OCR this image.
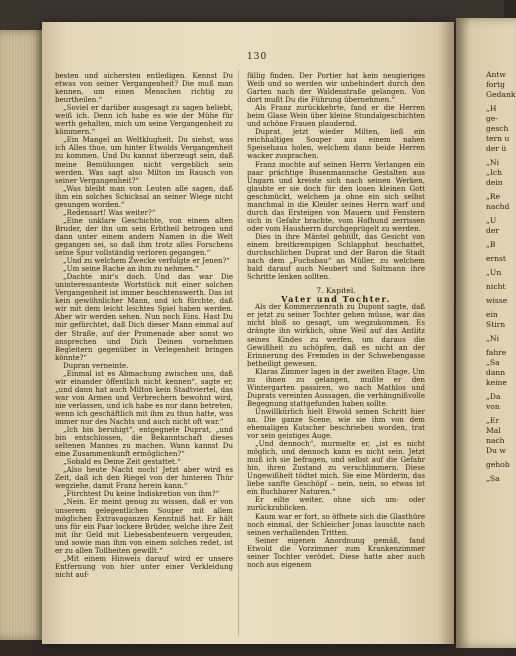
130

besten und sichersten entledigen. Kennst Du etwas von seiner Vergangenheit? Die muß man kennen, um einen Menschen richtig zu beurtheilen.“

„Soviel er darüber ausgesagt zu sagen beliebt, weiß ich. Denn ich habe es wie der Mühe für werth gehalten, mich um seine Vergangenheit zu kümmern.“

„Ein Mangel an Weltklugheit. Du siehst, was ich Alles thue, um hinter Etwolds Vergangenheit zu kommen. Und Du kannst überzeugt sein, daß meine Bemühungen nicht vergeblich sein werden. Was sagt also Milton im Rausch von seiner Vergangenheit?“

„Was bleibt man von Leuten alle sagen, daß ihm ein solches Schicksal an seiner Wiege nicht gesungen worden.“

„Redensart! Was weiter?“

„Eine unklare Geschichte, von einem alten Bruder, der ihn um sein Erbtheil betrogen und dann unter einem andern Namen in die Welt gegangen sei, so daß ihm trotz alles Forschens seine Spur vollständig verloren gegangen.“

„Und zu welchem Zwecke verfolgte er Jenen?“

„Um seine Rache an ihm zu nehmen.“

„Dachte mir's doch. Und das war Die uninteressanteste Wortstück mit einer solchen Vergangenheit ist immer beachtenswerth. Das ist kein gewöhnlicher Mann, und ich fürchte, daß wir mit dem leicht leichtes Spiel haben werden. Aber wir werden sehen. Nun noch Eins. Hast Du mir gefürchtet, daß Dich dieser Mann einmal auf der Straße, auf der Promenade aber sonst wo ansprechen und Dich Deinen vornehmen Begleitern gegenüber in Verlegenheit bringen könnte?“

Dupran verneinte.

„Einmal ist es Abmachung zwischen uns, daß wir einander öffentlich nicht kennen“, sagte er, „und dann hat auch Milton kein Stadtviertel, das war von Armen und Verbrechern bewohnt wird, nie verlassen, und ich habe es nur dann betreten, wenn ich geschäftlich mit ihm zu thun hatte, was immer nur des Nachts und auch nicht oft war.“

„Ich bin beruhigt“, entgegnete Duprat, „und bin entschlossen, die Bekanntschaft dieses seltenen Mannes zu machen. Wann kannst Du eine Zusammenkunft ermöglichen?“

„Sobald es Deine Zeit gestattet.“

„Also heute Nacht noch! Jetzt aber wird es Zeit, daß ich den Riegel von der hinteren Thür wegziehe, damit Franz herein kann.“

„Fürchtest Du keine Indiskretion von ihm?“

„Nein. Er meint genug zu wissen, daß er von unserem gelegentlichen Souper mit allem möglichen Extravaganzen Kenntniß hat. Er hält uns für ein Paar lockere Brüder, welche ihre Zeit mit ihr Geld mit Liebesabenteuern vergeuden, und sowie man ihm von einem solchen redet, ist er zu allen Tollheiten gewillt.“

„Mit einem Hinweis darauf wird er unsere Entfernung von hier unter einer Verkleidung nicht auf-

fällig finden. Der Portier hat kein neugieriges Weib und so werden wir unbehindert durch den Garten nach der Waldenstraße gelangen. Von dort mußt Du die Führung übernehmen.“

Als Franz zurückkehrte, fand er die Herren beim Glase Wein über kleine Stundalgeschichten und schöne Frauen plaudernd.

Duprat, jetzt wieder Milten, ließ ein reichhaltiges Souper aus einem nahen Speisehaus holen, welchem dann beide Herren wacker zusprachen.

Franz mochte auf seinen Herrn Verlangen ein paar prächtige Busenmannsche Gestalten aus Ungarn und kreiste sich nach seinen Werken, glaubte er sie doch für den losen kleinen Gott geschmückt, welchem ja ohne ein sich selbst manchmal in die Kleider seines Herrn warf und durch das Ersteigen von Mauern und Fenstern sich in Gefahr brachte, vom Hofhund zerrissen oder vom Hausherrn durchgeprügelt zu werden.

Dies in ihre Mäntel gehüllt, das Gesicht von einem breitkrempigen Schlapphut beschattet, durchschlichen Duprat und der Baron die Stadt nach dem „Fuchsbau“ an Müller, zu welchem bald darauf auch Neubert und Soltmann ihre Schritte lenken sollten.

7. Kapitel.

Vater und Tochter.

Als der Kommerzienrath zu Dupont sagte, daß er jetzt zu seiner Tochter gehen müsse, war das nicht bloß so gesagt, um wegzukommen. Es drängte ihn wirklich, ohne Weil auf das Antlitz seines Kindes zu werfen, um daraus die Gewißheit zu schöpfen, daß es nicht an der Erinnerung des Fremden in der Schwebengasse betheiligt gewesen.

Klaras Zimmer lagen in der zweiten Etage. Um zu ihnen zu gelangen, mußte er den Wintergarten passiren, wo nach Mathlos und Duprats vereinten Aussagen, die verhängnißvolle Begegnung stattgefunden haben sollte.

Unwillkürlich hielt Etwold seinen Schritt hier an. Die ganze Scene, wie sie ihm von dem ehemaligen Kutscher beschrieben worden, trat vor sein geistiges Auge.

„Und dennoch“, murmelte er, „ist es nicht möglich, und dennoch kann es nicht sein. Jetzt muß ich sie befragen, und selbst auf die Gefahr hin, ihren Zustand zu verschlimmern. Diese Ungewißheit tödtet mich. Sie eine Mörderin, das liebe sanfte Geschöpf – nein, nein, so etwas ist ein fluchbarer Naturen.“

Er eilte weiter, ohne sich um- oder zurückzublicken.

Kaum war er fort, so öffnete sich die Glasthüre noch einmal, der Schleicher Jonas lauschte nach seinen verhallenden Tritten.

Seiner eigenen Anordnung gemäß, fand Etwold die Vorzimmer zum Krankenzimmer seiner Tochter verödet. Diese hatte aber auch noch aus eigenem

Antw
fortg
Gedank
„H
ge-
gesch
tern u
der ü
„Ni
„Ich
dein
„Re
nachd
„U
der
„B
ernst
„Un
nicht
wisse
ein
Stirn
„Ni
fahre
„Sa
dann
keine
„Da
von
„Er
Mal
nach
Du w
gehob
„Sa
